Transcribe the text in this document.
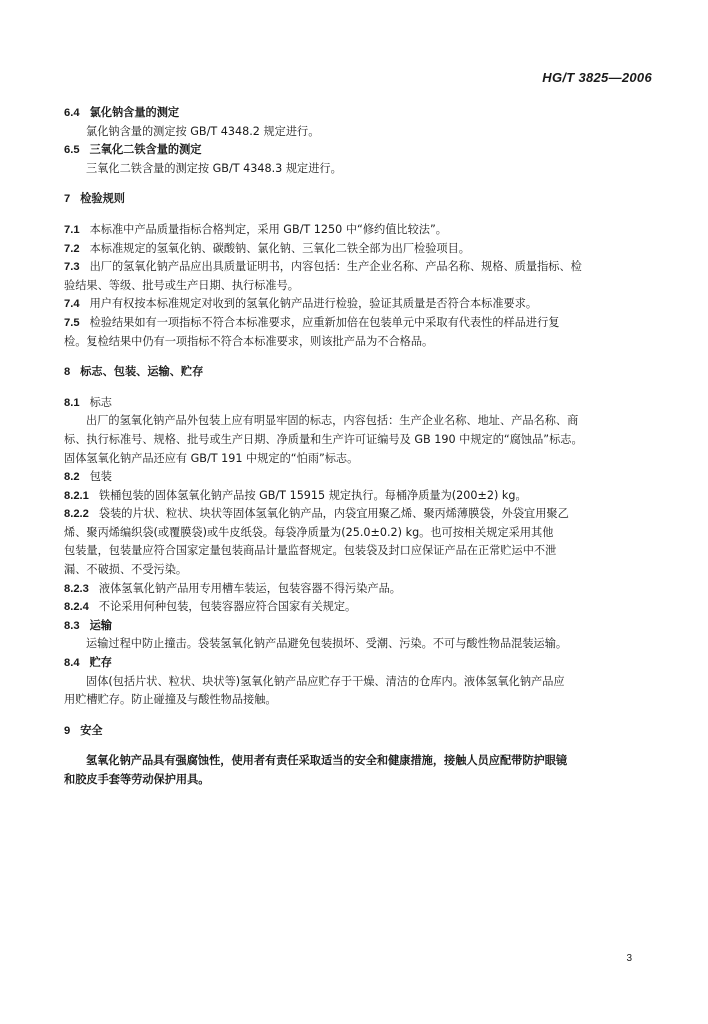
HG/T 3825—2006

6.4 氯化钠含量的测定

氯化钠含量的测定按 GB/T 4348.2 规定进行。

6.5 三氧化二铁含量的测定

三氧化二铁含量的测定按 GB/T 4348.3 规定进行。

7 检验规则

7.1 本标准中产品质量指标合格判定，采用 GB/T 1250 中“修约值比较法”。

7.2 本标准规定的氢氧化钠、碳酸钠、氯化钠、三氧化二铁全部为出厂检验项目。

7.3 出厂的氢氧化钠产品应出具质量证明书，内容包括：生产企业名称、产品名称、规格、质量指标、检

验结果、等级、批号或生产日期、执行标准号。

7.4 用户有权按本标准规定对收到的氢氧化钠产品进行检验，验证其质量是否符合本标准要求。

7.5 检验结果如有一项指标不符合本标准要求，应重新加倍在包装单元中采取有代表性的样品进行复

检。复检结果中仍有一项指标不符合本标准要求，则该批产品为不合格品。

8 标志、包装、运输、贮存

8.1 标志

出厂的氢氧化钠产品外包装上应有明显牢固的标志，内容包括：生产企业名称、地址、产品名称、商

标、执行标准号、规格、批号或生产日期、净质量和生产许可证编号及 GB 190 中规定的“腐蚀品”标志。

固体氢氧化钠产品还应有 GB/T 191 中规定的“怕雨”标志。

8.2 包装

8.2.1 铁桶包装的固体氢氧化钠产品按 GB/T 15915 规定执行。每桶净质量为(200±2) kg。

8.2.2 袋装的片状、粒状、块状等固体氢氧化钠产品，内袋宜用聚乙烯、聚丙烯薄膜袋，外袋宜用聚乙

烯、聚丙烯编织袋(或覆膜袋)或牛皮纸袋。每袋净质量为(25.0±0.2) kg。也可按相关规定采用其他

包装量，包装量应符合国家定量包装商品计量监督规定。包装袋及封口应保证产品在正常贮运中不泄

漏、不破损、不受污染。

8.2.3 液体氢氧化钠产品用专用槽车装运，包装容器不得污染产品。

8.2.4 不论采用何种包装，包装容器应符合国家有关规定。

8.3 运输

运输过程中防止撞击。袋装氢氧化钠产品避免包装损坏、受潮、污染。不可与酸性物品混装运输。

8.4 贮存

固体(包括片状、粒状、块状等)氢氧化钠产品应贮存于干燥、清洁的仓库内。液体氢氧化钠产品应

用贮槽贮存。防止碰撞及与酸性物品接触。

9 安全

氢氧化钠产品具有强腐蚀性，使用者有责任采取适当的安全和健康措施，接触人员应配带防护眼镜

和胶皮手套等劳动保护用具。

3
